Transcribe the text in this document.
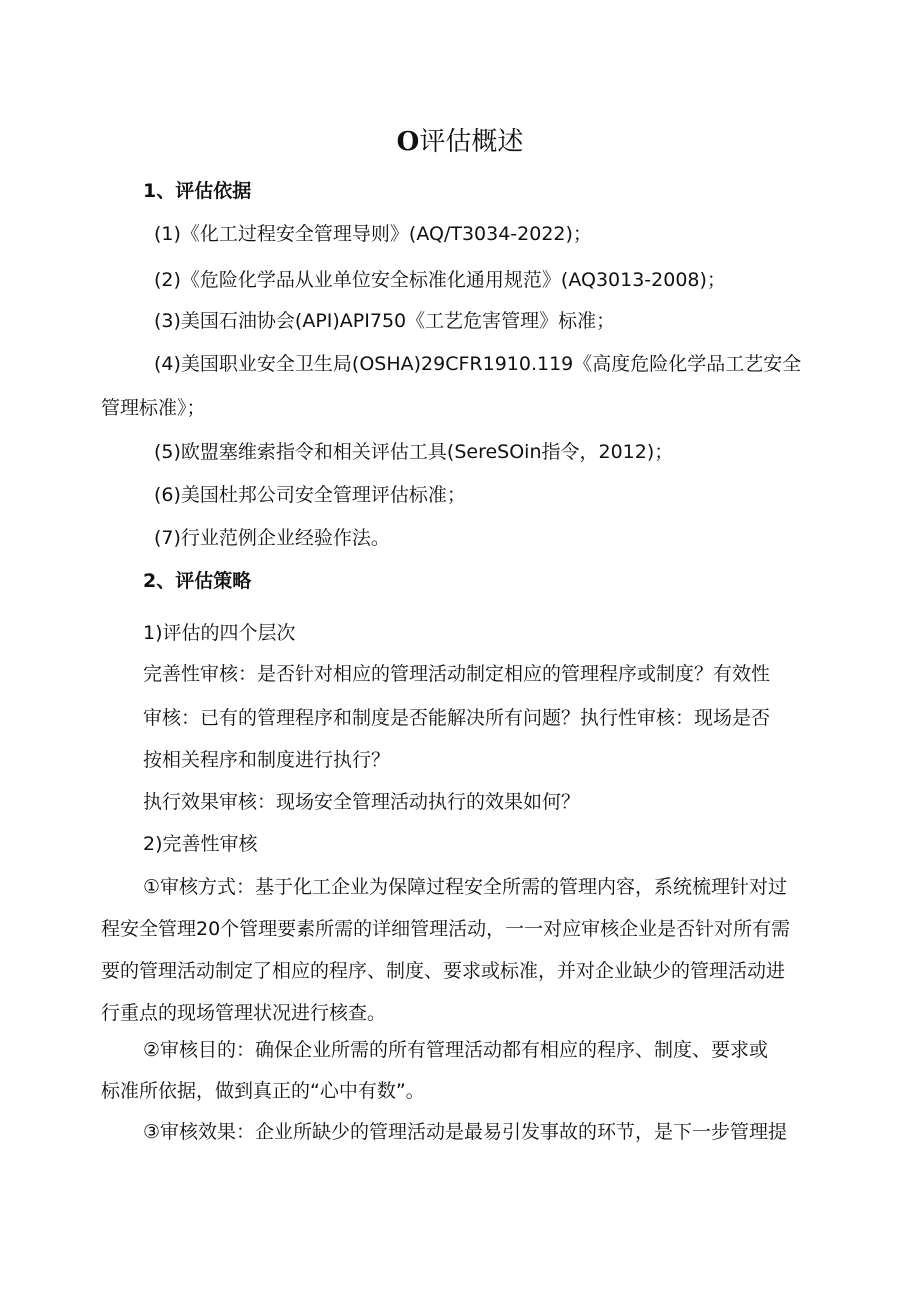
O评估概述
1、评估依据
(1)《化工过程安全管理导则》(AQ/T3034-2022)；
(2)《危险化学品从业单位安全标准化通用规范》(AQ3013-2008)；
(3)美国石油协会(API)API750《工艺危害管理》标准；
(4)美国职业安全卫生局(OSHA)29CFR1910.119《高度危险化学品工艺安全
管理标准》；
(5)欧盟塞维索指令和相关评估工具(SereSOin指令，2012)；
(6)美国杜邦公司安全管理评估标准；
(7)行业范例企业经验作法。
2、评估策略
1)评估的四个层次
完善性审核：是否针对相应的管理活动制定相应的管理程序或制度？有效性
审核：已有的管理程序和制度是否能解决所有问题？执行性审核：现场是否
按相关程序和制度进行执行？
执行效果审核：现场安全管理活动执行的效果如何？
2)完善性审核
①审核方式：基于化工企业为保障过程安全所需的管理内容，系统梳理针对过
程安全管理20个管理要素所需的详细管理活动，一一对应审核企业是否针对所有需
要的管理活动制定了相应的程序、制度、要求或标准，并对企业缺少的管理活动进
行重点的现场管理状况进行核查。
②审核目的：确保企业所需的所有管理活动都有相应的程序、制度、要求或
标准所依据，做到真正的“心中有数”。
③审核效果：企业所缺少的管理活动是最易引发事故的环节，是下一步管理提
